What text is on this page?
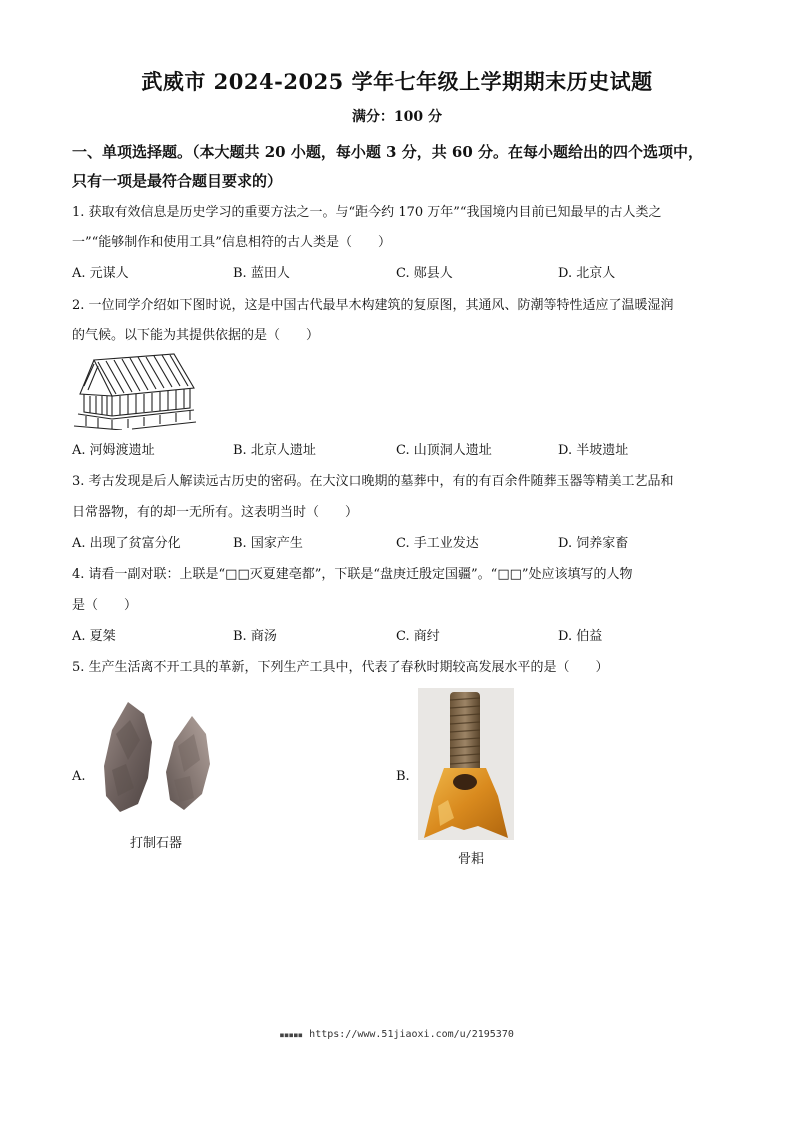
武威市 2024-2025 学年七年级上学期期末历史试题
满分：100 分
一、单项选择题。（本大题共 20 小题，每小题 3 分，共 60 分。在每小题给出的四个选项中，
只有一项是最符合题目要求的）
1. 获取有效信息是历史学习的重要方法之一。与“距今约 170 万年”“我国境内目前已知最早的古人类之
一”“能够制作和使用工具”信息相符的古人类是（　　）
A. 元谋人	B. 蓝田人	C. 郧县人	D. 北京人
2. 一位同学介绍如下图时说，这是中国古代最早木构建筑的复原图，其通风、防潮等特性适应了温暖湿润
的气候。以下能为其提供依据的是（　　）
A. 河姆渡遗址	B. 北京人遗址	C. 山顶洞人遗址	D. 半坡遗址
3. 考古发现是后人解读远古历史的密码。在大汶口晚期的墓葬中，有的有百余件随葬玉器等精美工艺品和
日常器物，有的却一无所有。这表明当时（　　）
A. 出现了贫富分化	B. 国家产生	C. 手工业发达	D. 饲养家畜
4. 请看一副对联：上联是“□□灭夏建亳都”，下联是“盘庚迁殷定国疆”。“□□”处应该填写的人物
是（　　）
A. 夏桀	B. 商汤	C. 商纣	D. 伯益
5. 生产生活离不开工具的革新，下列生产工具中，代表了春秋时期较高发展水平的是（　　）
A.
打制石器
B.
骨耜
■■■■■ https://www.51jiaoxi.com/u/2195370
